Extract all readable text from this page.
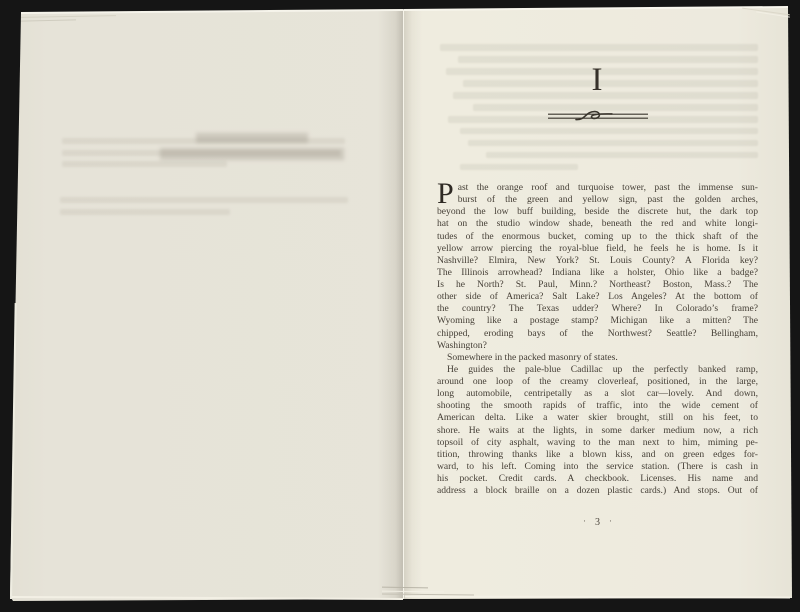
I
P ast the orange roof and turquoise tower, past the immense sun-
burst of the green and yellow sign, past the golden arches,
beyond the low buff building, beside the discrete hut, the dark top
hat on the studio window shade, beneath the red and white longi-
tudes of the enormous bucket, coming up to the thick shaft of the
yellow arrow piercing the royal-blue field, he feels he is home. Is it
Nashville? Elmira, New York? St. Louis County? A Florida key?
The Illinois arrowhead? Indiana like a holster, Ohio like a badge?
Is he North? St. Paul, Minn.? Northeast? Boston, Mass.? The
other side of America? Salt Lake? Los Angeles? At the bottom of
the country? The Texas udder? Where? In Colorado’s frame?
Wyoming like a postage stamp? Michigan like a mitten? The
chipped, eroding bays of the Northwest? Seattle? Bellingham,
Washington?
Somewhere in the packed masonry of states.
He guides the pale-blue Cadillac up the perfectly banked ramp,
around one loop of the creamy cloverleaf, positioned, in the large,
long automobile, centripetally as a slot car—lovely. And down,
shooting the smooth rapids of traffic, into the wide cement of
American delta. Like a water skier brought, still on his feet, to
shore. He waits at the lights, in some darker medium now, a rich
topsoil of city asphalt, waving to the man next to him, miming pe-
tition, throwing thanks like a blown kiss, and on green edges for-
ward, to his left. Coming into the service station. (There is cash in
his pocket. Credit cards. A checkbook. Licenses. His name and
address a block braille on a dozen plastic cards.) And stops. Out of
· 3 ·
